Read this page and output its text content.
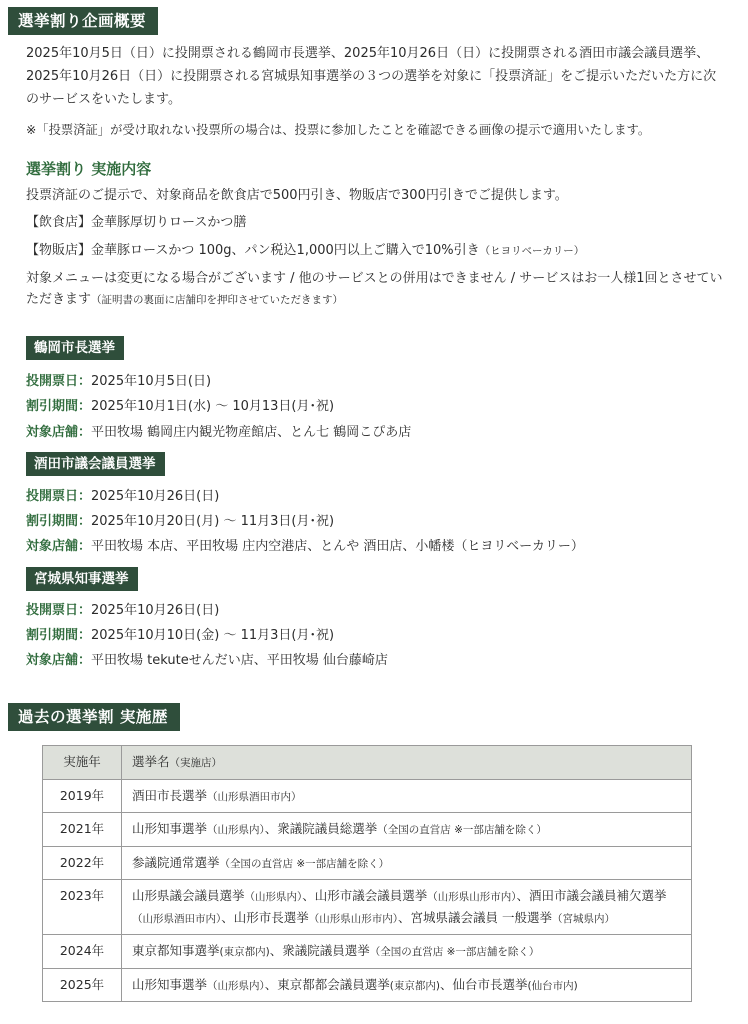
選挙割り企画概要
2025年10月5日（日）に投開票される鶴岡市長選挙、2025年10月26日（日）に投開票される酒田市議会議員選挙、2025年10月26日（日）に投開票される宮城県知事選挙の３つの選挙を対象に「投票済証」をご提示いただいた方に次のサービスをいたします。
※「投票済証」が受け取れない投票所の場合は、投票に参加したことを確認できる画像の提示で適用いたします。
選挙割り 実施内容
投票済証のご提示で、対象商品を飲食店で500円引き、物販店で300円引きでご提供します。
【飲食店】金華豚厚切りロースかつ膳
【物販店】金華豚ロースかつ 100g、パン税込1,000円以上ご購入で10%引き（ヒヨリベーカリー）
対象メニューは変更になる場合がございます / 他のサービスとの併用はできません / サービスはお一人様1回とさせていただきます（証明書の裏面に店舗印を押印させていただきます）
鶴岡市長選挙
投開票日：2025年10月5日(日)
割引期間：2025年10月1日(水) 〜 10月13日(月･祝)
対象店舗：平田牧場 鶴岡庄内観光物産館店、とん七 鶴岡こぴあ店
酒田市議会議員選挙
投開票日：2025年10月26日(日)
割引期間：2025年10月20日(月) 〜 11月3日(月･祝)
対象店舗：平田牧場 本店、平田牧場 庄内空港店、とんや 酒田店、小幡楼（ヒヨリベーカリー）
宮城県知事選挙
投開票日：2025年10月26日(日)
割引期間：2025年10月10日(金) 〜 11月3日(月･祝)
対象店舗：平田牧場 tekuteせんだい店、平田牧場 仙台藤崎店
過去の選挙割 実施歴
実施年	選挙名（実施店）

2019年	酒田市長選挙（山形県酒田市内）

2021年	山形知事選挙（山形県内）、衆議院議員総選挙（全国の直営店 ※一部店舗を除く）

2022年	参議院通常選挙（全国の直営店 ※一部店舗を除く）

2023年	山形県議会議員選挙（山形県内）、山形市議会議員選挙（山形県山形市内）、酒田市議会議員補欠選挙（山形県酒田市内）、山形市長選挙（山形県山形市内）、宮城県議会議員 一般選挙（宮城県内）

2024年	東京都知事選挙(東京都内)、衆議院議員選挙（全国の直営店 ※一部店舗を除く）

2025年	山形知事選挙（山形県内）、東京都都会議員選挙(東京都内)、仙台市長選挙(仙台市内)
